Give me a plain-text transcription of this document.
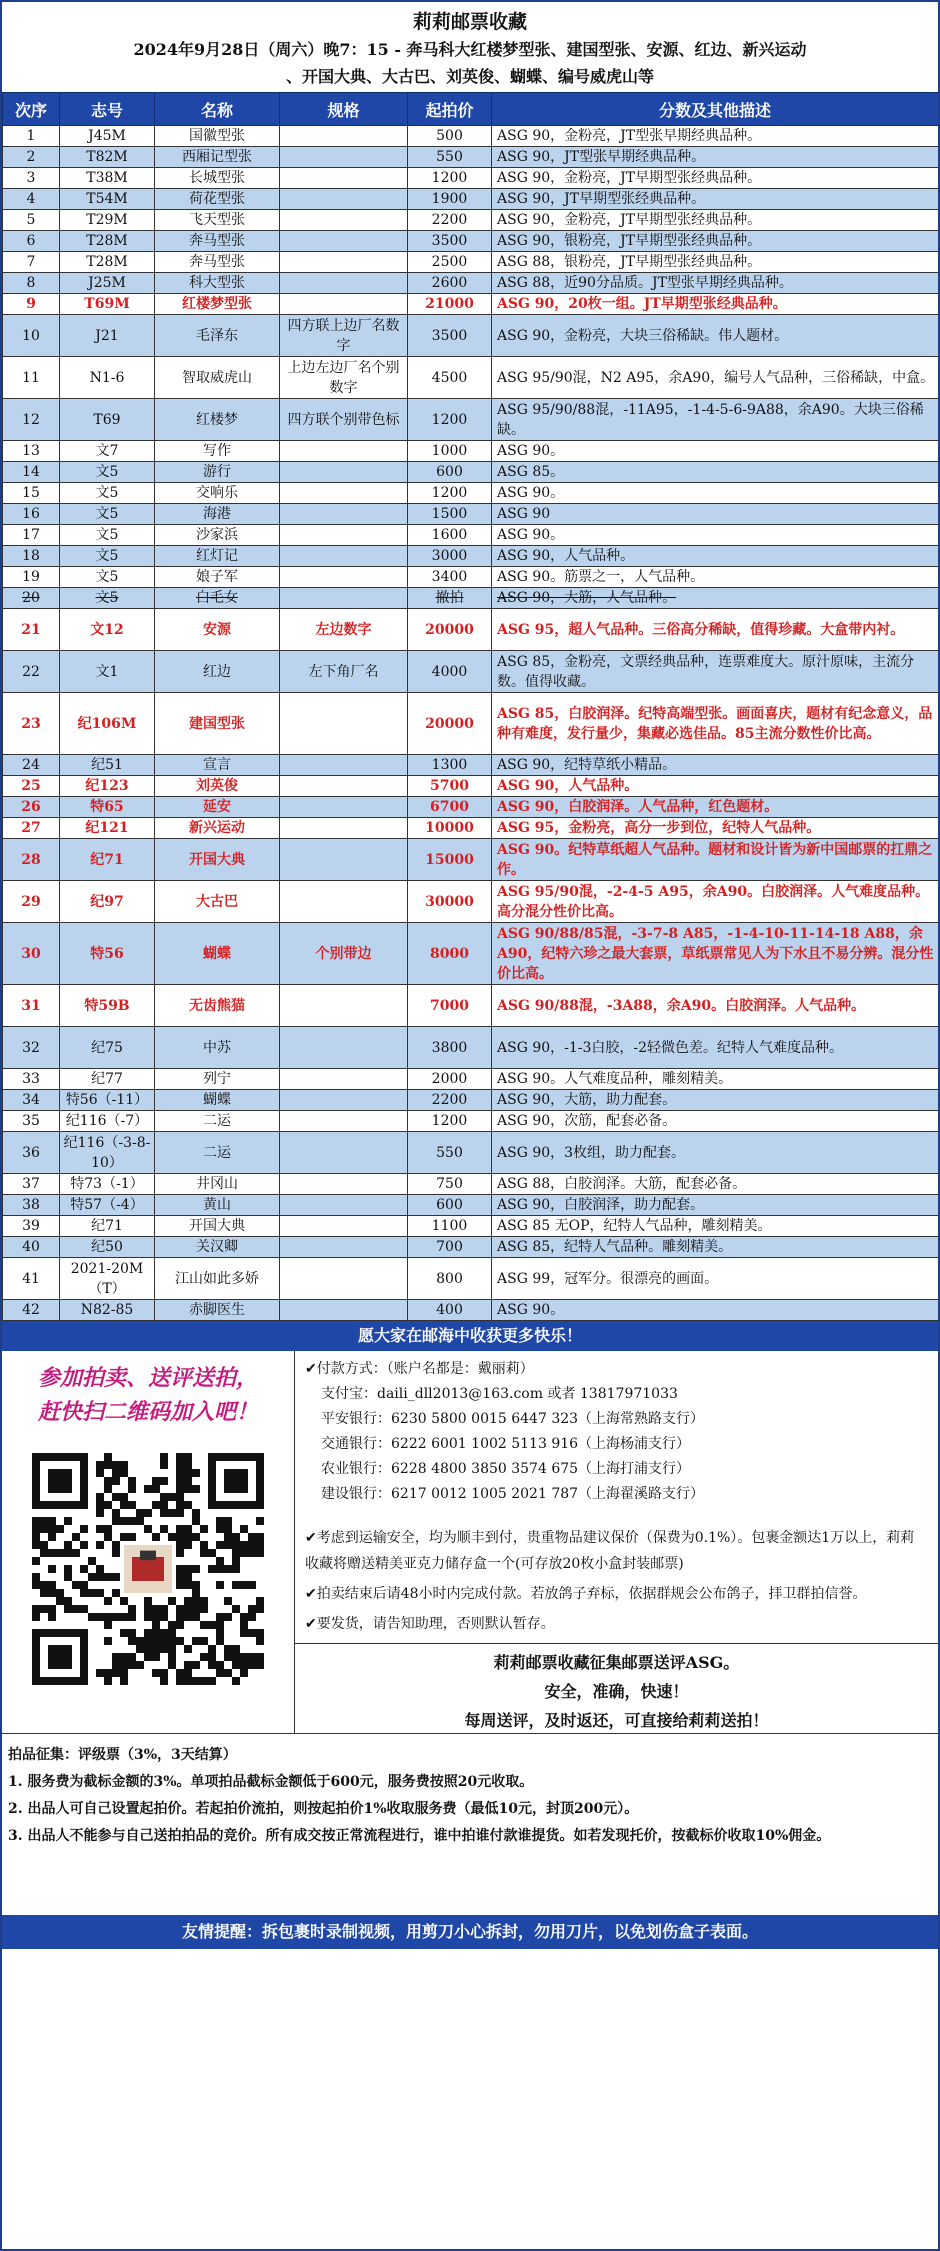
莉莉邮票收藏
2024年9月28日（周六）晚7：15 - 奔马科大红楼梦型张、建国型张、安源、红边、新兴运动
、开国大典、大古巴、刘英俊、蝴蝶、编号威虎山等
次序	志号	名称	规格	起拍价	分数及其他描述
1	J45M	国徽型张		500	ASG 90，金粉亮，JT型张早期经典品种。
2	T82M	西厢记型张		550	ASG 90，JT型张早期经典品种。
3	T38M	长城型张		1200	ASG 90，金粉亮，JT早期型张经典品种。
4	T54M	荷花型张		1900	ASG 90，JT早期型张经典品种。
5	T29M	飞天型张		2200	ASG 90，金粉亮，JT早期型张经典品种。
6	T28M	奔马型张		3500	ASG 90，银粉亮，JT早期型张经典品种。
7	T28M	奔马型张		2500	ASG 88，银粉亮，JT早期型张经典品种。
8	J25M	科大型张		2600	ASG 88，近90分品质。JT型张早期经典品种。
9	T69M	红楼梦型张		21000	ASG 90，20枚一组。JT早期型张经典品种。
10	J21	毛泽东	四方联上边厂名数字	3500	ASG 90，金粉亮，大块三俗稀缺。伟人题材。
11	N1-6	智取威虎山	上边左边厂名个别数字	4500	ASG 95/90混，N2 A95，余A90，编号人气品种，三俗稀缺，中盒。
12	T69	红楼梦	四方联个别带色标	1200	ASG 95/90/88混，-11A95，-1-4-5-6-9A88，余A90。大块三俗稀缺。
13	文7	写作		1000	ASG 90。
14	文5	游行		600	ASG 85。
15	文5	交响乐		1200	ASG 90。
16	文5	海港		1500	ASG 90
17	文5	沙家浜		1600	ASG 90。
18	文5	红灯记		3000	ASG 90，人气品种。
19	文5	娘子军		3400	ASG 90。筋票之一，人气品种。
20	文5	白毛女		撤拍	ASG 90，大筋，人气品种。
21	文12	安源	左边数字	20000	ASG 95，超人气品种。三俗高分稀缺，值得珍藏。大盒带内衬。
22	文1	红边	左下角厂名	4000	ASG 85，金粉亮，文票经典品种，连票难度大。原汁原味，主流分数。值得收藏。
23	纪106M	建国型张		20000	ASG 85，白胶润泽。纪特高端型张。画面喜庆，题材有纪念意义，品种有难度，发行量少，集藏必选佳品。85主流分数性价比高。
24	纪51	宣言		1300	ASG 90，纪特草纸小精品。
25	纪123	刘英俊		5700	ASG 90，人气品种。
26	特65	延安		6700	ASG 90，白胶润泽。人气品种，红色题材。
27	纪121	新兴运动		10000	ASG 95，金粉亮，高分一步到位，纪特人气品种。
28	纪71	开国大典		15000	ASG 90。纪特草纸超人气品种。题材和设计皆为新中国邮票的扛鼎之作。
29	纪97	大古巴		30000	ASG 95/90混，-2-4-5 A95，余A90。白胶润泽。人气难度品种。高分混分性价比高。
30	特56	蝴蝶	个别带边	8000	ASG 90/88/85混，-3-7-8 A85，-1-4-10-11-14-18 A88，余A90，纪特六珍之最大套票，草纸票常见人为下水且不易分辨。混分性价比高。
31	特59B	无齿熊猫		7000	ASG 90/88混，-3A88，余A90。白胶润泽。人气品种。
32	纪75	中苏		3800	ASG 90，-1-3白胶，-2轻微色差。纪特人气难度品种。
33	纪77	列宁		2000	ASG 90。人气难度品种，雕刻精美。
34	特56（-11）	蝴蝶		2200	ASG 90，大筋，助力配套。
35	纪116（-7）	二运		1200	ASG 90，次筋，配套必备。
36	纪116（-3-8-10）	二运		550	ASG 90，3枚组，助力配套。
37	特73（-1）	井冈山		750	ASG 88，白胶润泽。大筋，配套必备。
38	特57（-4）	黄山		600	ASG 90，白胶润泽，助力配套。
39	纪71	开国大典		1100	ASG 85 无OP，纪特人气品种，雕刻精美。
40	纪50	关汉卿		700	ASG 85，纪特人气品种。雕刻精美。
41	2021-20M（T）	江山如此多娇		800	ASG 99，冠军分。很漂亮的画面。
42	N82-85	赤脚医生		400	ASG 90。
愿大家在邮海中收获更多快乐！
参加拍卖、送评送拍，
赶快扫二维码加入吧！
✔付款方式：（账户名都是：戴丽莉）
支付宝：daili_dll2013@163.com 或者 13817971033
平安银行：6230 5800 0015 6447 323（上海常熟路支行）
交通银行：6222 6001 1002 5113 916（上海杨浦支行）
农业银行：6228 4800 3850 3574 675（上海打浦支行）
建设银行：6217 0012 1005 2021 787（上海翟溪路支行）
✔考虑到运输安全，均为顺丰到付，贵重物品建议保价（保费为0.1%）。包裹金额达1万以上，莉莉收藏将赠送精美亚克力储存盒一个(可存放20枚小盒封装邮票)
✔拍卖结束后请48小时内完成付款。若放鸽子弃标，依据群规会公布鸽子，拝卫群拍信誉。
✔要发货，请告知助理，否则默认暂存。
莉莉邮票收藏征集邮票送评ASG。
安全，准确，快速！
每周送评，及时返还，可直接给莉莉送拍！
拍品征集：评级票（3%，3天结算）
1. 服务费为截标金额的3%。单项拍品截标金额低于600元，服务费按照20元收取。
2. 出品人可自己设置起拍价。若起拍价流拍，则按起拍价1%收取服务费（最低10元，封顶200元）。
3. 出品人不能参与自己送拍拍品的竞价。所有成交按正常流程进行，谁中拍谁付款谁提货。如若发现托价，按截标价收取10%佣金。
友情提醒：拆包裹时录制视频，用剪刀小心拆封，勿用刀片，以免划伤盒子表面。
